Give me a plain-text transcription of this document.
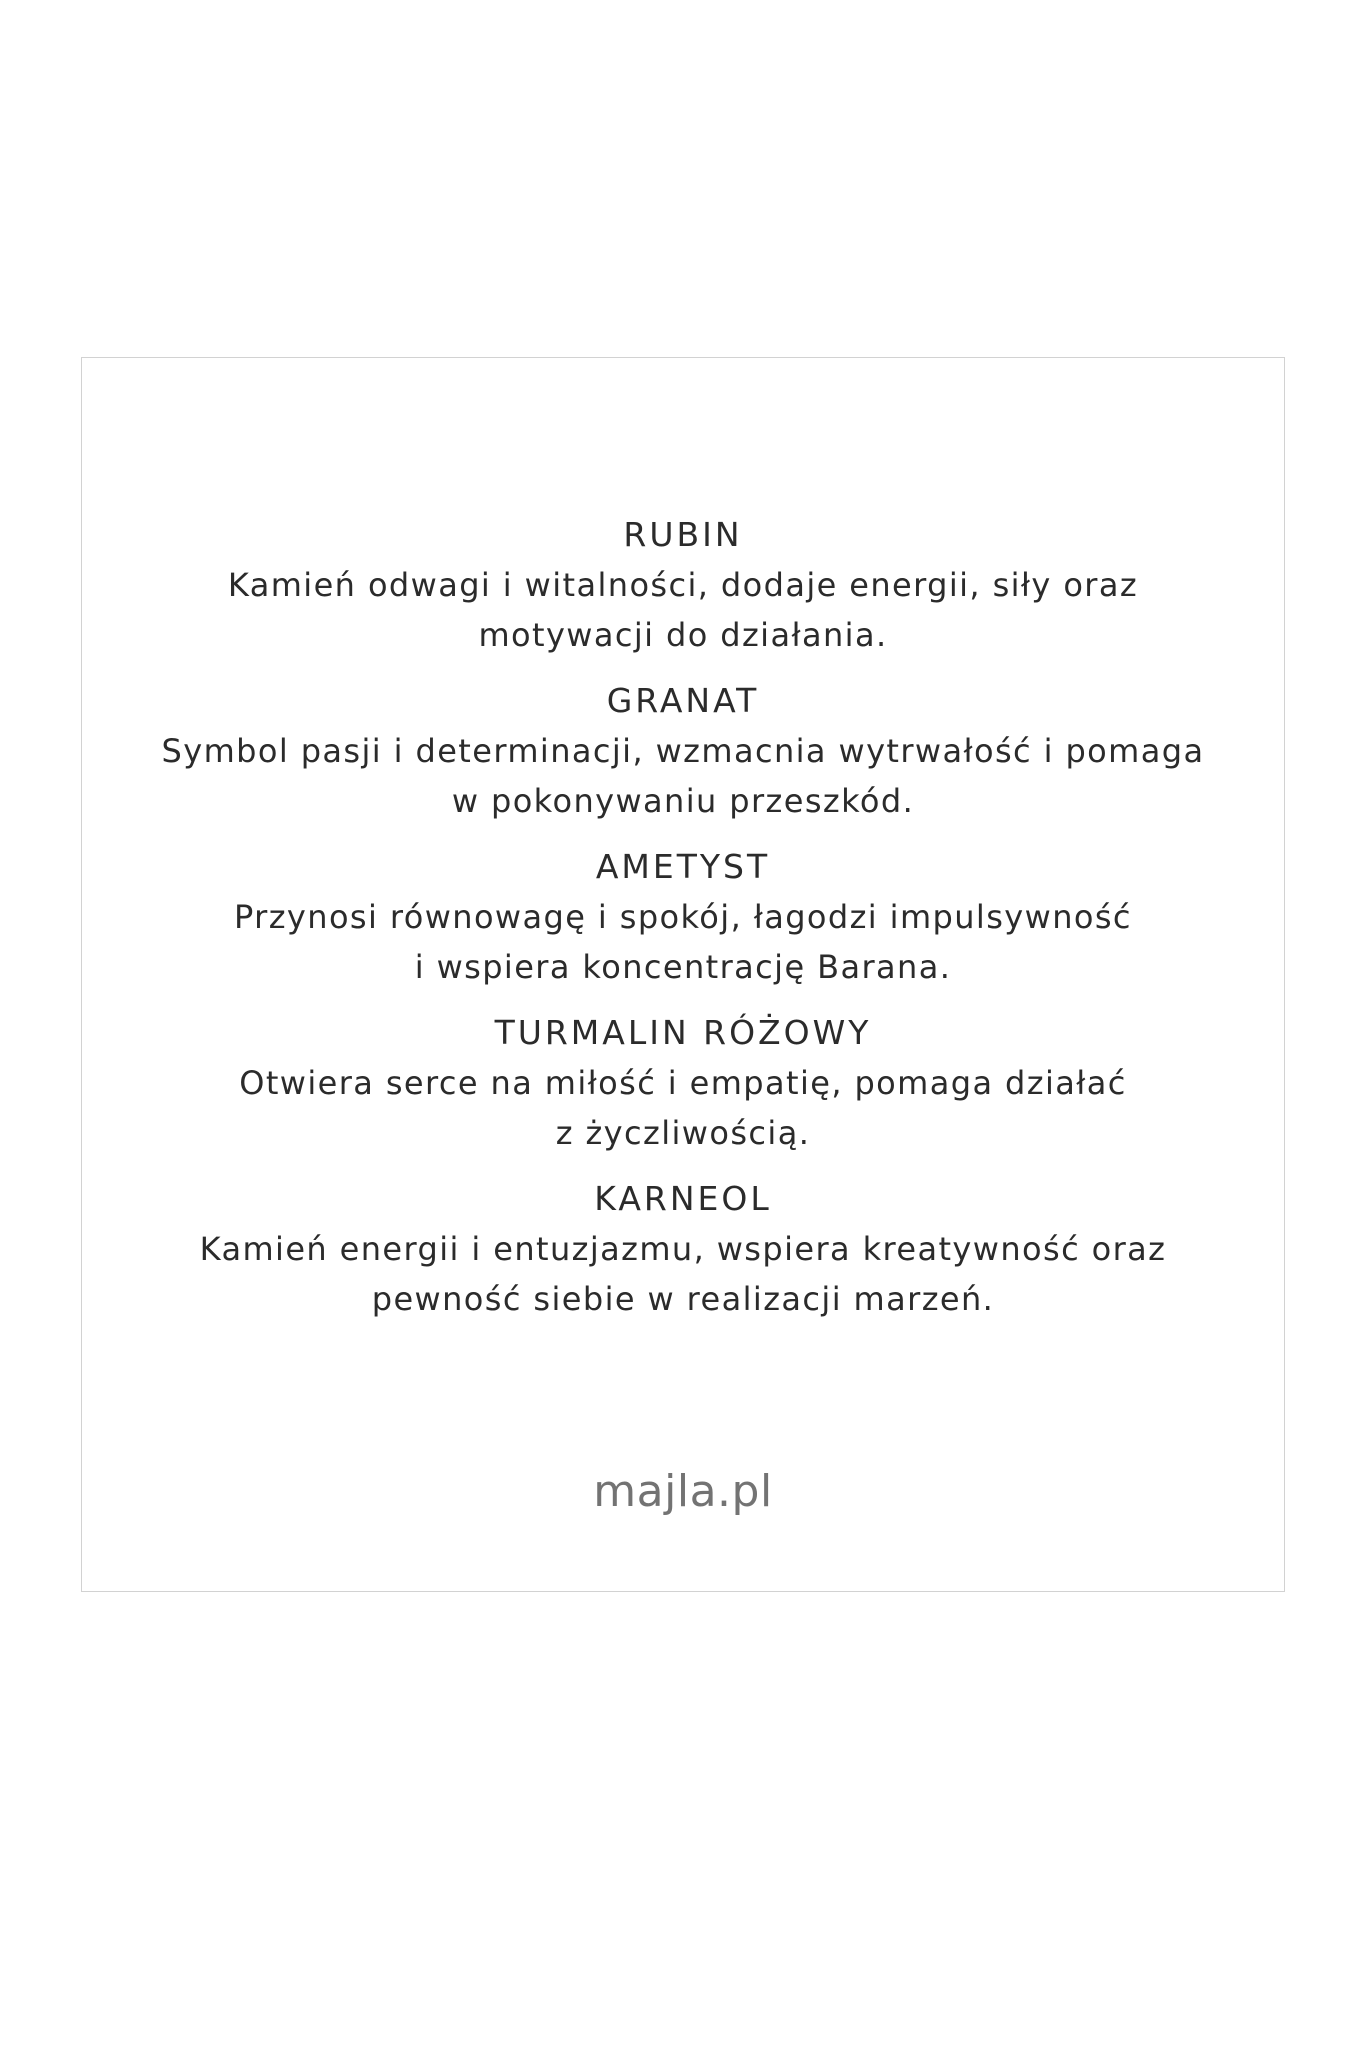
RUBIN

Kamień odwagi i witalności, dodaje energii, siły oraz
motywacji do działania.

GRANAT

Symbol pasji i determinacji, wzmacnia wytrwałość i pomaga
w pokonywaniu przeszkód.

AMETYST

Przynosi równowagę i spokój, łagodzi impulsywność
i wspiera koncentrację Barana.

TURMALIN RÓŻOWY

Otwiera serce na miłość i empatię, pomaga działać
z życzliwością.

KARNEOL

Kamień energii i entuzjazmu, wspiera kreatywność oraz
pewność siebie w realizacji marzeń.

majla.pl
